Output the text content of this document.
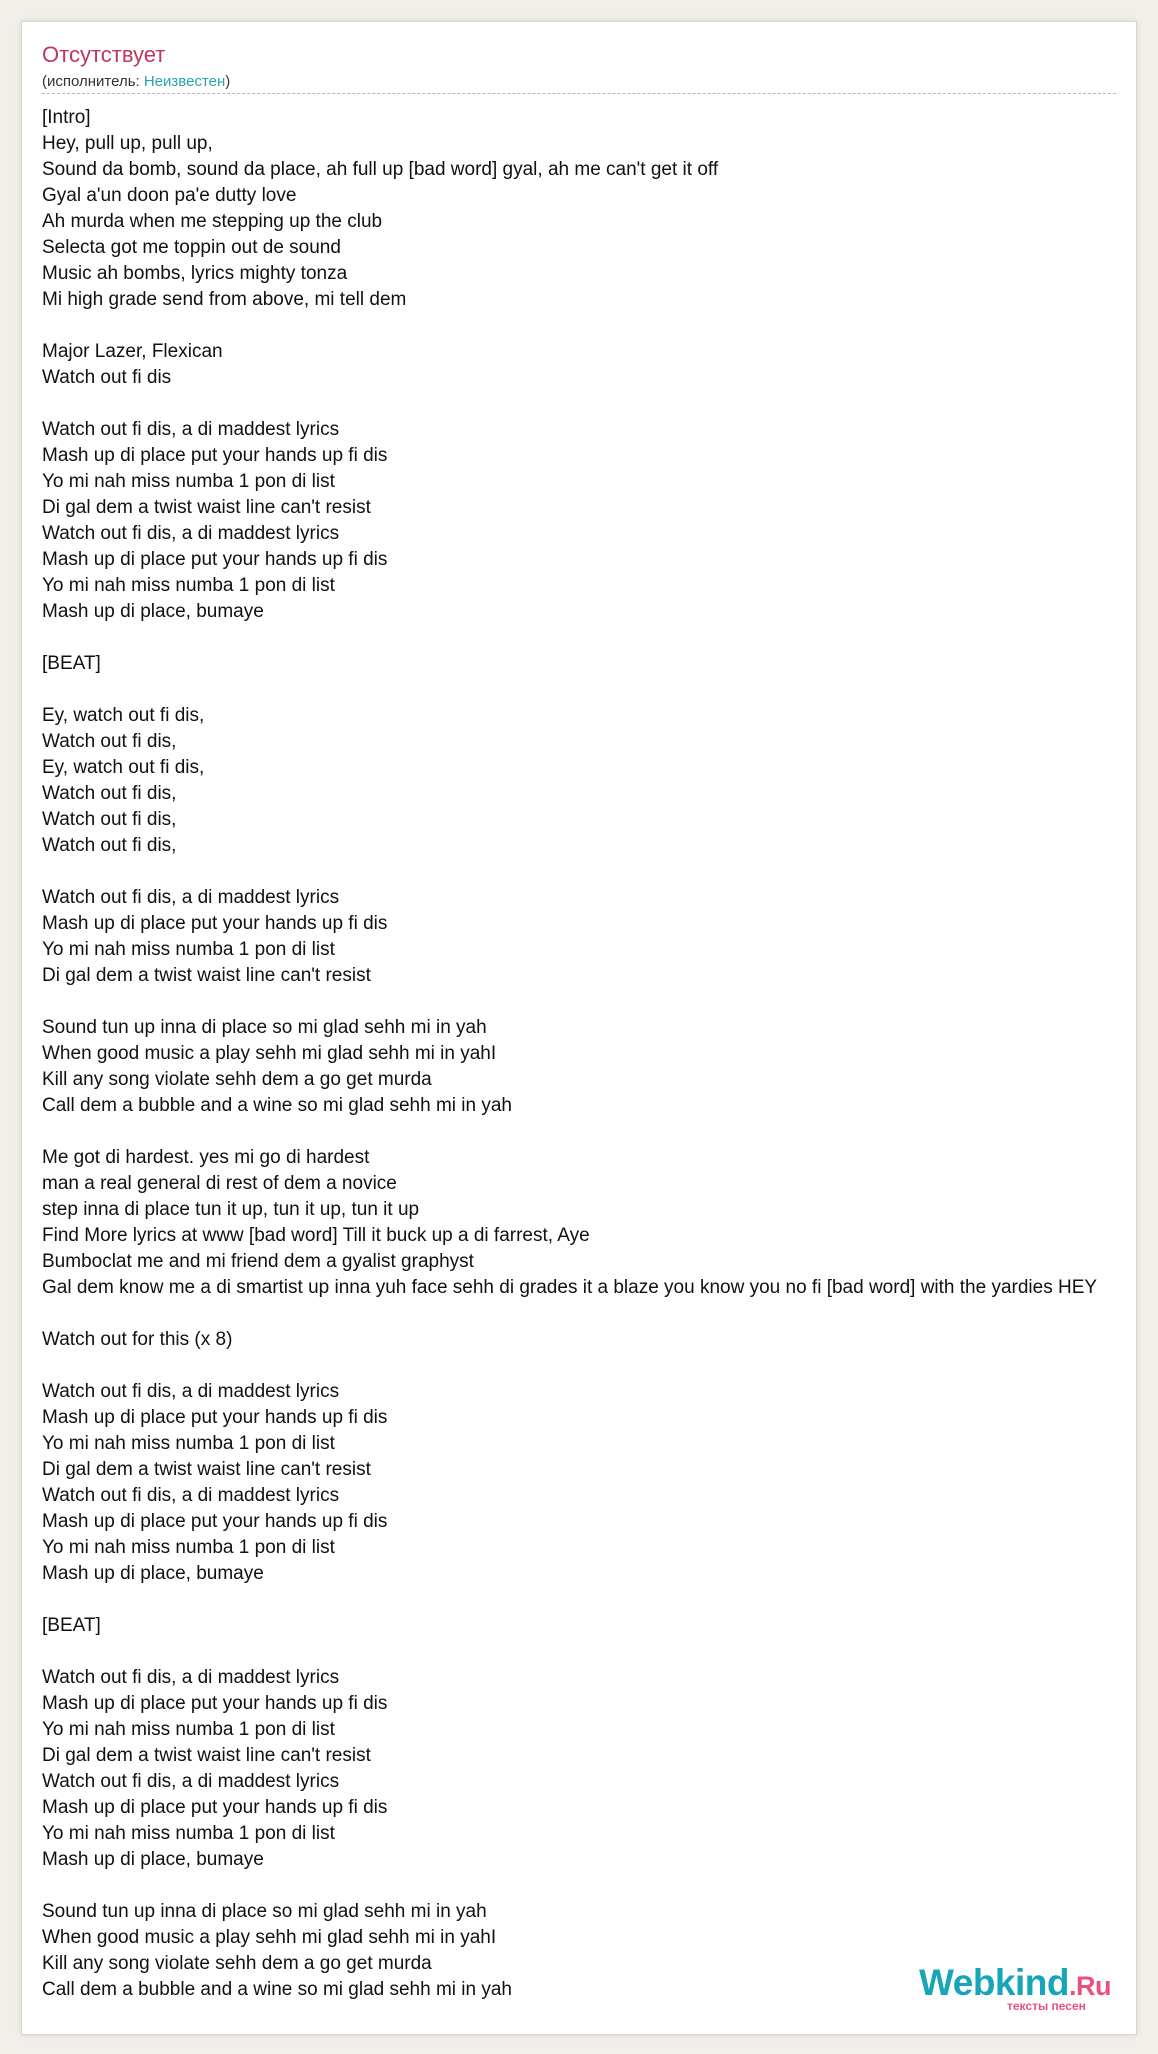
Отсутствует
(исполнитель: Неизвестен)
[Intro]
Hey, pull up, pull up,
Sound da bomb, sound da place, ah full up [bad word] gyal, ah me can't get it off
Gyal a'un doon pa'e dutty love
Ah murda when me stepping up the club
Selecta got me toppin out de sound
Music ah bombs, lyrics mighty tonza
Mi high grade send from above, mi tell dem
Major Lazer, Flexican
Watch out fi dis
Watch out fi dis, a di maddest lyrics
Mash up di place put your hands up fi dis
Yo mi nah miss numba 1 pon di list
Di gal dem a twist waist line can't resist
Watch out fi dis, a di maddest lyrics
Mash up di place put your hands up fi dis
Yo mi nah miss numba 1 pon di list
Mash up di place, bumaye
[BEAT]
Ey, watch out fi dis,
Watch out fi dis,
Ey, watch out fi dis,
Watch out fi dis,
Watch out fi dis,
Watch out fi dis,
Watch out fi dis, a di maddest lyrics
Mash up di place put your hands up fi dis
Yo mi nah miss numba 1 pon di list
Di gal dem a twist waist line can't resist
Sound tun up inna di place so mi glad sehh mi in yah
When good music a play sehh mi glad sehh mi in yahI
Kill any song violate sehh dem a go get murda
Call dem a bubble and a wine so mi glad sehh mi in yah
Me got di hardest. yes mi go di hardest
man a real general di rest of dem a novice
step inna di place tun it up, tun it up, tun it up
Find More lyrics at www [bad word] Till it buck up a di farrest, Aye
Bumboclat me and mi friend dem a gyalist graphyst
Gal dem know me a di smartist up inna yuh face sehh di grades it a blaze you know you no fi [bad word] with the yardies HEY
Watch out for this (x 8)
Watch out fi dis, a di maddest lyrics
Mash up di place put your hands up fi dis
Yo mi nah miss numba 1 pon di list
Di gal dem a twist waist line can't resist
Watch out fi dis, a di maddest lyrics
Mash up di place put your hands up fi dis
Yo mi nah miss numba 1 pon di list
Mash up di place, bumaye
[BEAT]
Watch out fi dis, a di maddest lyrics
Mash up di place put your hands up fi dis
Yo mi nah miss numba 1 pon di list
Di gal dem a twist waist line can't resist
Watch out fi dis, a di maddest lyrics
Mash up di place put your hands up fi dis
Yo mi nah miss numba 1 pon di list
Mash up di place, bumaye
Sound tun up inna di place so mi glad sehh mi in yah
When good music a play sehh mi glad sehh mi in yahI
Kill any song violate sehh dem a go get murda
Call dem a bubble and a wine so mi glad sehh mi in yah	Webkind.Ru
тексты песен
